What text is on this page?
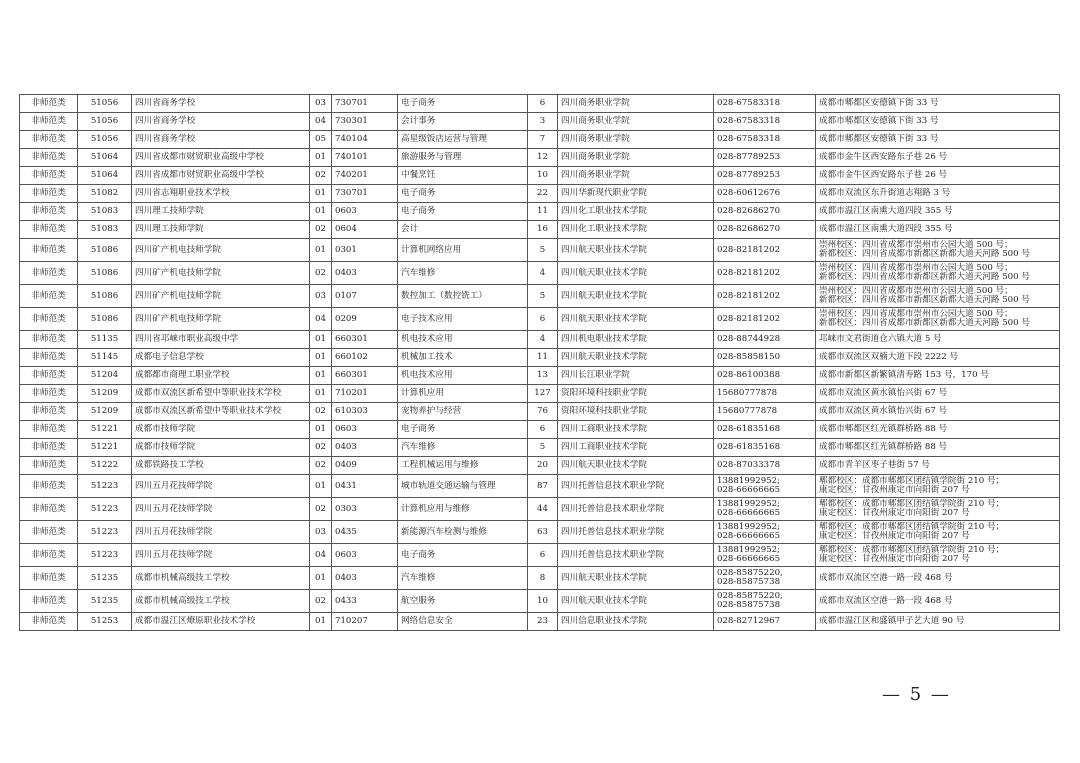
非师范类	51056	四川省商务学校	03	730701	电子商务	6	四川商务职业学院	028-67583318	成都市郫都区安德镇下街 33 号

非师范类	51056	四川省商务学校	04	730301	会计事务	3	四川商务职业学院	028-67583318	成都市郫都区安德镇下街 33 号

非师范类	51056	四川省商务学校	05	740104	高星级饭店运营与管理	7	四川商务职业学院	028-67583318	成都市郫都区安德镇下街 33 号

非师范类	51064	四川省成都市财贸职业高级中学校	01	740101	旅游服务与管理	12	四川商务职业学院	028-87789253	成都市金牛区西安路东子巷 26 号

非师范类	51064	四川省成都市财贸职业高级中学校	02	740201	中餐烹饪	10	四川商务职业学院	028-87789253	成都市金牛区西安路东子巷 26 号

非师范类	51082	四川省志翔职业技术学校	01	730701	电子商务	22	四川华新现代职业学院	028-60612676	成都市双流区东升街道志翔路 3 号

非师范类	51083	四川理工技师学院	01	0603	电子商务	11	四川化工职业技术学院	028-82686270	成都市温江区南熏大道四段 355 号

非师范类	51083	四川理工技师学院	02	0604	会计	16	四川化工职业技术学院	028-82686270	成都市温江区南熏大道四段 355 号

非师范类	51086	四川矿产机电技师学院	01	0301	计算机网络应用	5	四川航天职业技术学院	028-82181202	崇州校区：四川省成都市崇州市公园大道 500 号；
新都校区：四川省成都市新都区新都大道天河路 500 号

非师范类	51086	四川矿产机电技师学院	02	0403	汽车维修	4	四川航天职业技术学院	028-82181202	崇州校区：四川省成都市崇州市公园大道 500 号；
新都校区：四川省成都市新都区新都大道天河路 500 号

非师范类	51086	四川矿产机电技师学院	03	0107	数控加工（数控铣工）	5	四川航天职业技术学院	028-82181202	崇州校区：四川省成都市崇州市公园大道 500 号；
新都校区：四川省成都市新都区新都大道天河路 500 号

非师范类	51086	四川矿产机电技师学院	04	0209	电子技术应用	6	四川航天职业技术学院	028-82181202	崇州校区：四川省成都市崇州市公园大道 500 号；
新都校区：四川省成都市新都区新都大道天河路 500 号

非师范类	51135	四川省邛崃市职业高级中学	01	660301	机电技术应用	4	四川机电职业技术学院	028-88744928	邛崃市文君街道仓六镇大道 5 号

非师范类	51145	成都电子信息学校	01	660102	机械加工技术	11	四川航天职业技术学院	028-85858150	成都市双流区双楠大道下段 2222 号

非师范类	51204	成都都市商理工职业学校	01	660301	机电技术应用	13	四川长江职业学院	028-86100388	成都市新都区新繁镇清寿路 153 号，170 号

非师范类	51209	成都市双流区新希望中等职业技术学校	01	710201	计算机应用	127	资阳环境科技职业学院	15680777878	成都市双流区黄水镇怡兴街 67 号

非师范类	51209	成都市双流区新希望中等职业技术学校	02	610303	宠物养护与经营	76	资阳环境科技职业学院	15680777878	成都市双流区黄水镇怡兴街 67 号

非师范类	51221	成都市技师学院	01	0603	电子商务	6	四川工商职业技术学院	028-61835168	成都市郫都区红光镇群桥路 88 号

非师范类	51221	成都市技师学院	02	0403	汽车维修	5	四川工商职业技术学院	028-61835168	成都市郫都区红光镇群桥路 88 号

非师范类	51222	成都铁路技工学校	02	0409	工程机械运用与维修	20	四川航天职业技术学院	028-87033378	成都市青羊区枣子巷街 57 号

非师范类	51223	四川五月花技师学院	01	0431	城市轨道交通运输与管理	87	四川托普信息技术职业学院	13881992952;
028-66666665	郫都校区：成都市郫都区团结镇学院街 210 号；
康定校区：甘孜州康定市向阳街 207 号

非师范类	51223	四川五月花技师学院	02	0303	计算机应用与维修	44	四川托普信息技术职业学院	13881992952;
028-66666665	郫都校区：成都市郫都区团结镇学院街 210 号；
康定校区：甘孜州康定市向阳街 207 号

非师范类	51223	四川五月花技师学院	03	0435	新能源汽车检测与维修	63	四川托普信息技术职业学院	13881992952;
028-66666665	郫都校区：成都市郫都区团结镇学院街 210 号；
康定校区：甘孜州康定市向阳街 207 号

非师范类	51223	四川五月花技师学院	04	0603	电子商务	6	四川托普信息技术职业学院	13881992952;
028-66666665	郫都校区：成都市郫都区团结镇学院街 210 号；
康定校区：甘孜州康定市向阳街 207 号

非师范类	51235	成都市机械高级技工学校	01	0403	汽车维修	8	四川航天职业技术学院	028-85875220,
028-85875738	成都市双流区空港一路一段 468 号

非师范类	51235	成都市机械高级技工学校	02	0433	航空服务	10	四川航天职业技术学院	028-85875220,
028-85875738	成都市双流区空港一路一段 468 号

非师范类	51253	成都市温江区燎原职业技术学校	01	710207	网络信息安全	23	四川信息职业技术学院	028-82712967	成都市温江区和盛镇甲子艺大道 90 号
— 5 —
